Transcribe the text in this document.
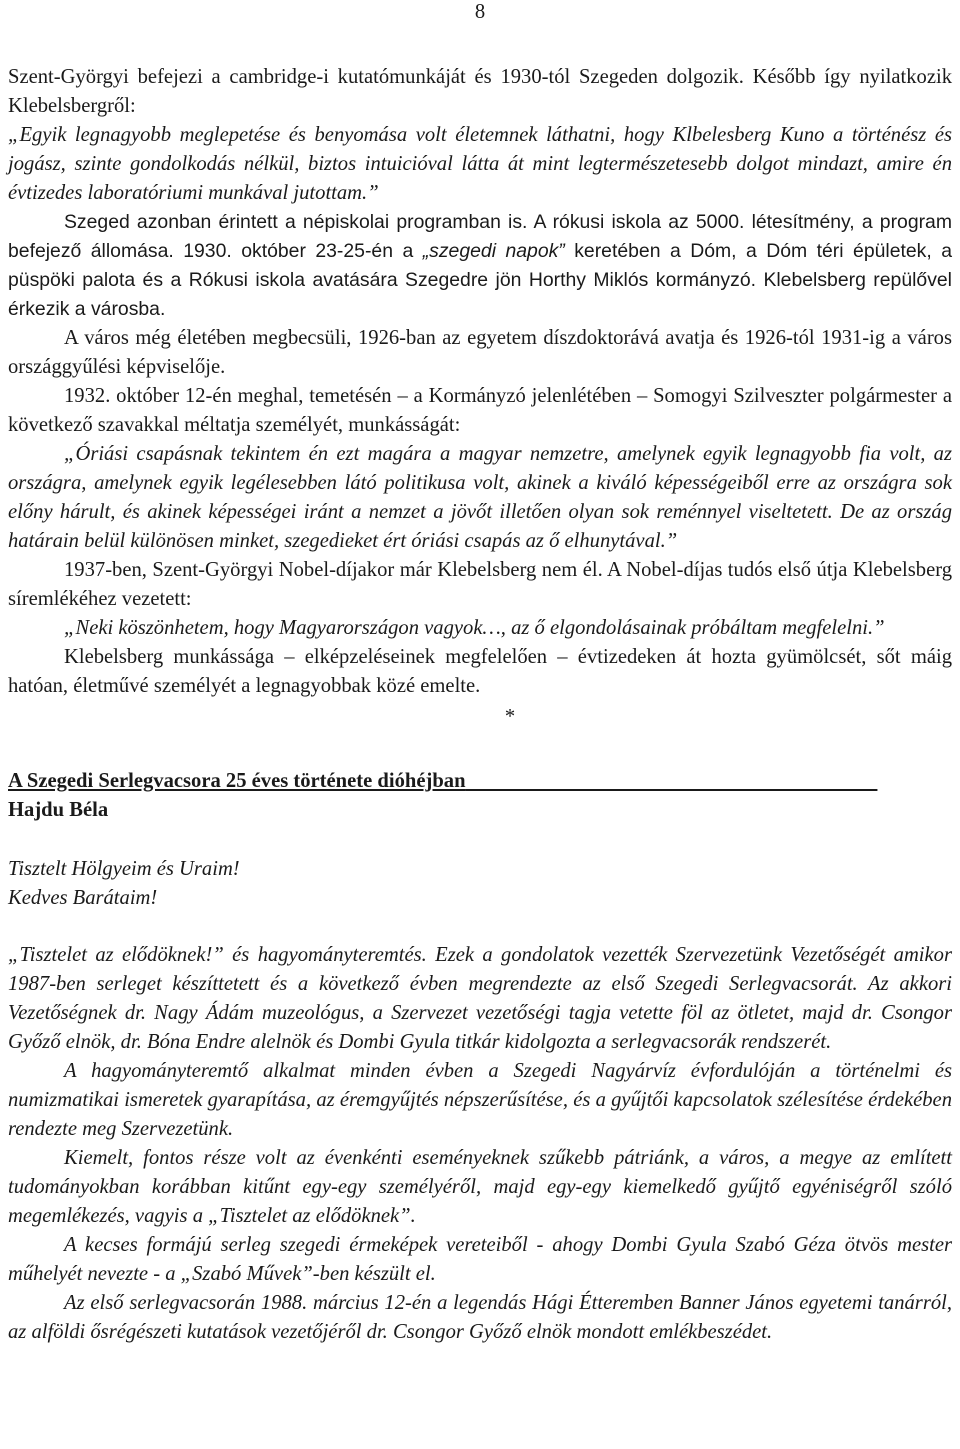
8

Szent-Györgyi befejezi a cambridge-i kutatómunkáját és 1930-tól Szegeden dolgozik. Később így nyilatkozik Klebelsbergről:

„Egyik legnagyobb meglepetése és benyomása volt életemnek láthatni, hogy Klbelesberg Kuno a történész és jogász, szinte gondolkodás nélkül, biztos intuicióval látta át mint legtermészetesebb dolgot mindazt, amire én évtizedes laboratóriumi munkával jutottam.”

Szeged azonban érintett a népiskolai programban is. A rókusi iskola az 5000. létesítmény, a program befejező állomása. 1930. október 23-25-én a „szegedi napok” keretében a Dóm, a Dóm téri épületek, a püspöki palota és a Rókusi iskola avatására Szegedre jön Horthy Miklós kormányzó. Klebelsberg repülővel érkezik a városba.

A város még életében megbecsüli, 1926-ban az egyetem díszdoktorává avatja és 1926-tól 1931-ig a város országgyűlési képviselője.

1932. október 12-én meghal, temetésén – a Kormányzó jelenlétében – Somogyi Szilveszter polgármester a következő szavakkal méltatja személyét, munkásságát:

„Óriási csapásnak tekintem én ezt magára a magyar nemzetre, amelynek egyik legnagyobb fia volt, az országra, amelynek egyik legélesebben látó politikusa volt, akinek a kiváló képességeiből erre az országra sok előny hárult, és akinek képességei iránt a nemzet a jövőt illetően olyan sok reménnyel viseltetett. De az ország határain belül különösen minket, szegedieket ért óriási csapás az ő elhunytával.”

1937-ben, Szent-Györgyi Nobel-díjakor már Klebelsberg nem él. A Nobel-díjas tudós első útja Klebelsberg síremlékéhez vezetett:

„Neki köszönhetem, hogy Magyarországon vagyok…, az ő elgondolásainak próbáltam megfelelni.”

Klebelsberg munkássága – elképzeléseinek megfelelően – évtizedeken át hozta gyümölcsét, sőt máig hatóan, életművé személyét a legnagyobbak közé emelte.

*
A Szegedi Serlegvacsora 25 éves története dióhéjban
Hajdu Béla

Tisztelt Hölgyeim és Uraim!

Kedves Barátaim!

„Tisztelet az elődöknek!” és hagyományteremtés. Ezek a gondolatok vezették Szervezetünk Vezetőségét amikor 1987-ben serleget készíttetett és a következő évben megrendezte az első Szegedi Serlegvacsorát. Az akkori Vezetőségnek dr. Nagy Ádám muzeológus, a Szervezet vezetőségi tagja vetette föl az ötletet, majd dr. Csongor Győző elnök, dr. Bóna Endre alelnök és Dombi Gyula titkár kidolgozta a serlegvacsorák rendszerét.

A hagyományteremtő alkalmat minden évben a Szegedi Nagyárvíz évfordulóján a történelmi és numizmatikai ismeretek gyarapítása, az éremgyűjtés népszerűsítése, és a gyűjtői kapcsolatok szélesítése érdekében rendezte meg Szervezetünk.

Kiemelt, fontos része volt az évenkénti eseményeknek szűkebb pátriánk, a város, a megye az említett tudományokban korábban kitűnt egy-egy személyéről, majd egy-egy kiemelkedő gyűjtő egyéniségről szóló megemlékezés, vagyis a „Tisztelet az elődöknek”.

A kecses formájú serleg szegedi érmeképek vereteiből - ahogy Dombi Gyula Szabó Géza ötvös mester műhelyét nevezte - a „Szabó Művek”-ben készült el.

Az első serlegvacsorán 1988. március 12-én a legendás Hági Étteremben Banner János egyetemi tanárról, az alföldi ősrégészeti kutatások vezetőjéről dr. Csongor Győző elnök mondott emlékbeszédet.
